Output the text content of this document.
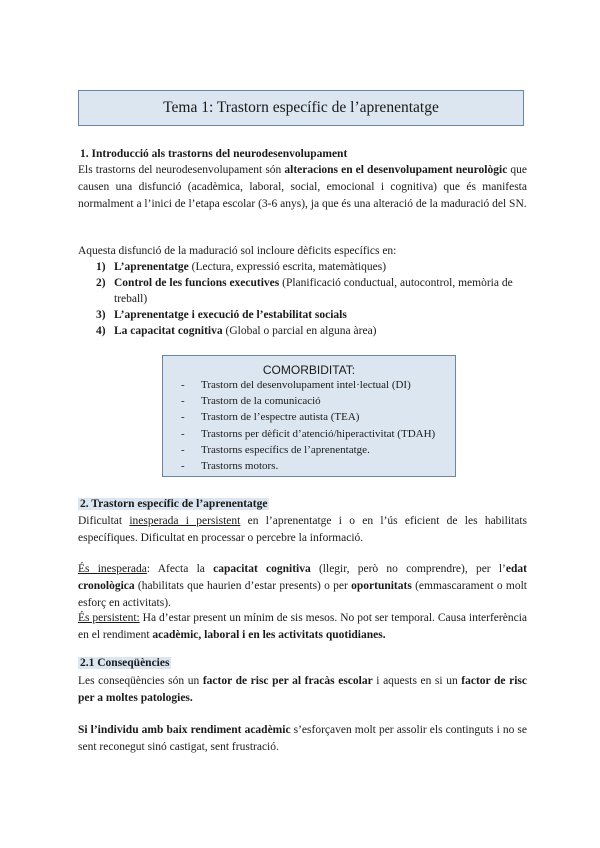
Tema 1: Trastorn específic de l’aprenentatge
1. Introducció als trastorns del neurodesenvolupament
Els trastorns del neurodesenvolupament són alteracions en el desenvolupament neurològic que causen una disfunció (acadèmica, laboral, social, emocional i cognitiva) que és manifesta normalment a l’inici de l’etapa escolar (3-6 anys), ja que és una alteració de la maduració del SN.
Aquesta disfunció de la maduració sol incloure dèficits específics en:
1) L’aprenentatge (Lectura, expressió escrita, matemàtiques)
2) Control de les funcions executives (Planificació conductual, autocontrol, memòria de treball)
3) L’aprenentatge i execució de l’estabilitat socials
4) La capacitat cognitiva (Global o parcial en alguna àrea)
COMORBIDITAT:
- Trastorn del desenvolupament intel·lectual (DI)
- Trastorn de la comunicació
- Trastorn de l’espectre autista (TEA)
- Trastorns per dèficit d’atenció/hiperactivitat (TDAH)
- Trastorns específics de l’aprenentatge.
- Trastorns motors.
2. Trastorn específic de l’aprenentatge
Dificultat inesperada i persistent en l’aprenentatge i o en l’ús eficient de les habilitats específiques. Dificultat en processar o percebre la informació.
És inesperada: Afecta la capacitat cognitiva (llegir, però no comprendre), per l’edat cronològica (habilitats que haurien d’estar presents) o per oportunitats (emmascarament o molt esforç en activitats).
És persistent: Ha d’estar present un mínim de sis mesos. No pot ser temporal. Causa interferència en el rendiment acadèmic, laboral i en les activitats quotidianes.
2.1 Conseqüències
Les conseqüències són un factor de risc per al fracàs escolar i aquests en si un factor de risc per a moltes patologies.
Si l’individu amb baix rendiment acadèmic s’esforçaven molt per assolir els continguts i no se sent reconegut sinó castigat, sent frustració.
